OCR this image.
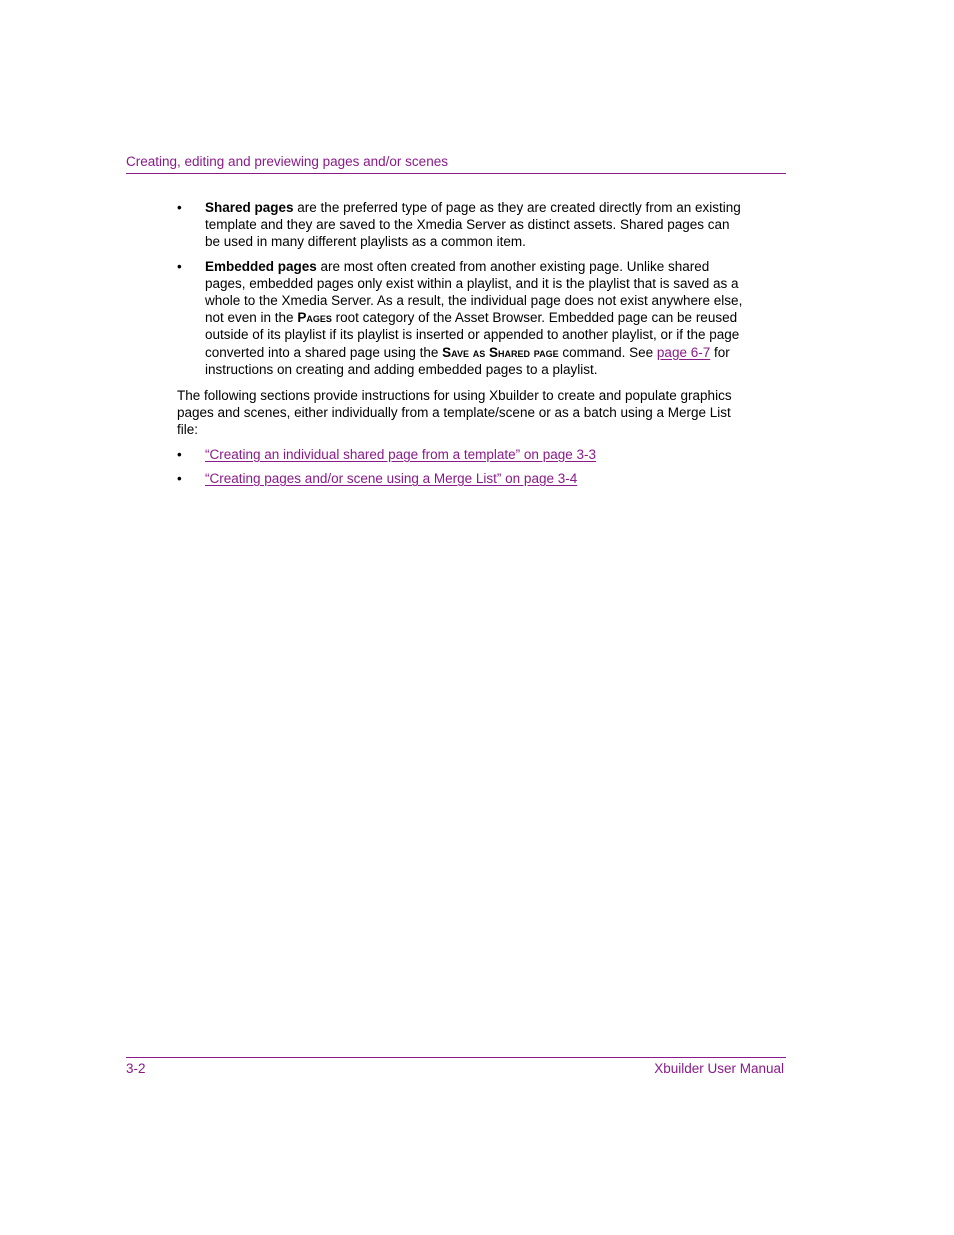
Creating, editing and previewing pages and/or scenes
• Shared pages are the preferred type of page as they are created directly from an existing template and they are saved to the Xmedia Server as distinct assets. Shared pages can be used in many different playlists as a common item.

• Embedded pages are most often created from another existing page. Unlike shared pages, embedded pages only exist within a playlist, and it is the playlist that is saved as a whole to the Xmedia Server. As a result, the individual page does not exist anywhere else, not even in the Pages root category of the Asset Browser. Embedded page can be reused outside of its playlist if its playlist is inserted or appended to another playlist, or if the page converted into a shared page using the Save as Shared page command. See page 6-7 for instructions on creating and adding embedded pages to a playlist.

The following sections provide instructions for using Xbuilder to create and populate graphics pages and scenes, either individually from a template/scene or as a batch using a Merge List file:

• “Creating an individual shared page from a template” on page 3-3

• “Creating pages and/or scene using a Merge List” on page 3-4

3-2	Xbuilder User Manual
